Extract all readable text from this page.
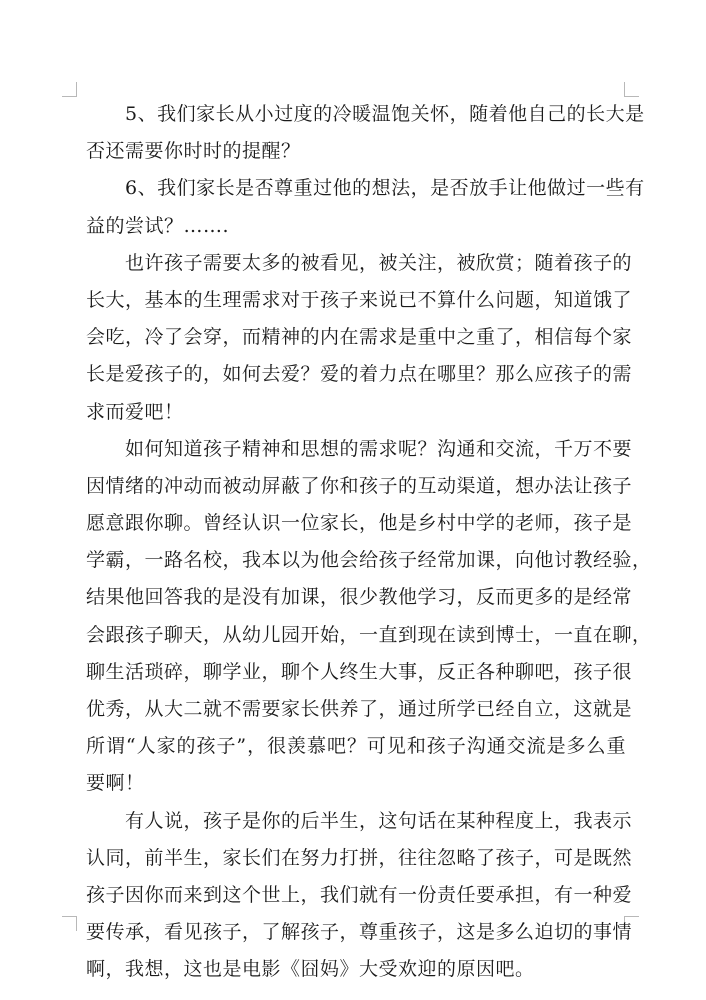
　　5、我们家长从小过度的冷暖温饱关怀，随着他自己的长大是
否还需要你时时的提醒？
　　6、我们家长是否尊重过他的想法，是否放手让他做过一些有
益的尝试？…….
　　也许孩子需要太多的被看见，被关注，被欣赏；随着孩子的
长大，基本的生理需求对于孩子来说已不算什么问题，知道饿了
会吃，冷了会穿，而精神的内在需求是重中之重了，相信每个家
长是爱孩子的，如何去爱？爱的着力点在哪里？那么应孩子的需
求而爱吧！
　　如何知道孩子精神和思想的需求呢？沟通和交流，千万不要
因情绪的冲动而被动屏蔽了你和孩子的互动渠道，想办法让孩子
愿意跟你聊。曾经认识一位家长，他是乡村中学的老师，孩子是
学霸，一路名校，我本以为他会给孩子经常加课，向他讨教经验，
结果他回答我的是没有加课，很少教他学习，反而更多的是经常
会跟孩子聊天，从幼儿园开始，一直到现在读到博士，一直在聊，
聊生活琐碎，聊学业，聊个人终生大事，反正各种聊吧，孩子很
优秀，从大二就不需要家长供养了，通过所学已经自立，这就是
所谓“人家的孩子”，很羡慕吧？可见和孩子沟通交流是多么重
要啊！
　　有人说，孩子是你的后半生，这句话在某种程度上，我表示
认同，前半生，家长们在努力打拼，往往忽略了孩子，可是既然
孩子因你而来到这个世上，我们就有一份责任要承担，有一种爱
要传承，看见孩子，了解孩子，尊重孩子，这是多么迫切的事情
啊，我想，这也是电影《囧妈》大受欢迎的原因吧。
